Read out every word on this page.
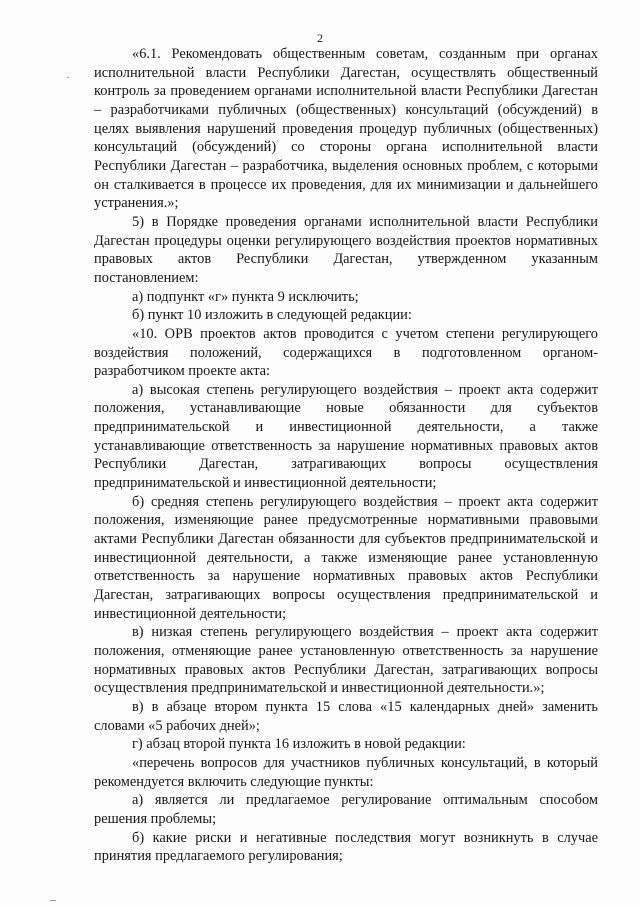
2
·

«6.1. Рекомендовать общественным советам, созданным при органах исполнительной власти Республики Дагестан, осуществлять общественный контроль за проведением органами исполнительной власти Республики Дагестан – разработчиками публичных (общественных) консультаций (обсуждений) в целях выявления нарушений проведения процедур публичных (общественных) консультаций (обсуждений) со стороны органа исполнительной власти Республики Дагестан – разработчика, выделения основных проблем, с которыми он сталкивается в процессе их проведения, для их минимизации и дальнейшего устранения.»;

5) в Порядке проведения органами исполнительной власти Республики Дагестан процедуры оценки регулирующего воздействия проектов нормативных правовых актов Республики Дагестан, утвержденном указанным постановлением:

а) подпункт «г» пункта 9 исключить;

б) пункт 10 изложить в следующей редакции:

«10. ОРВ проектов актов проводится с учетом степени регулирующего воздействия положений, содержащихся в подготовленном органом-разработчиком проекте акта:

а) высокая степень регулирующего воздействия – проект акта содержит положения, устанавливающие новые обязанности для субъектов предпринимательской и инвестиционной деятельности, а также устанавливающие ответственность за нарушение нормативных правовых актов Республики Дагестан, затрагивающих вопросы осуществления предпринимательской и инвестиционной деятельности;

б) средняя степень регулирующего воздействия – проект акта содержит положения, изменяющие ранее предусмотренные нормативными правовыми актами Республики Дагестан обязанности для субъектов предпринимательской и инвестиционной деятельности, а также изменяющие ранее установленную ответственность за нарушение нормативных правовых актов Республики Дагестан, затрагивающих вопросы осуществления предпринимательской и инвестиционной деятельности;

в) низкая степень регулирующего воздействия – проект акта содержит положения, отменяющие ранее установленную ответственность за нарушение нормативных правовых актов Республики Дагестан, затрагивающих вопросы осуществления предпринимательской и инвестиционной деятельности.»;

в) в абзаце втором пункта 15 слова «15 календарных дней» заменить словами «5 рабочих дней»;

г) абзац второй пункта 16 изложить в новой редакции:

«перечень вопросов для участников публичных консультаций, в который рекомендуется включить следующие пункты:

а) является ли предлагаемое регулирование оптимальным способом решения проблемы;

б) какие риски и негативные последствия могут возникнуть в случае принятия предлагаемого регулирования;

–
